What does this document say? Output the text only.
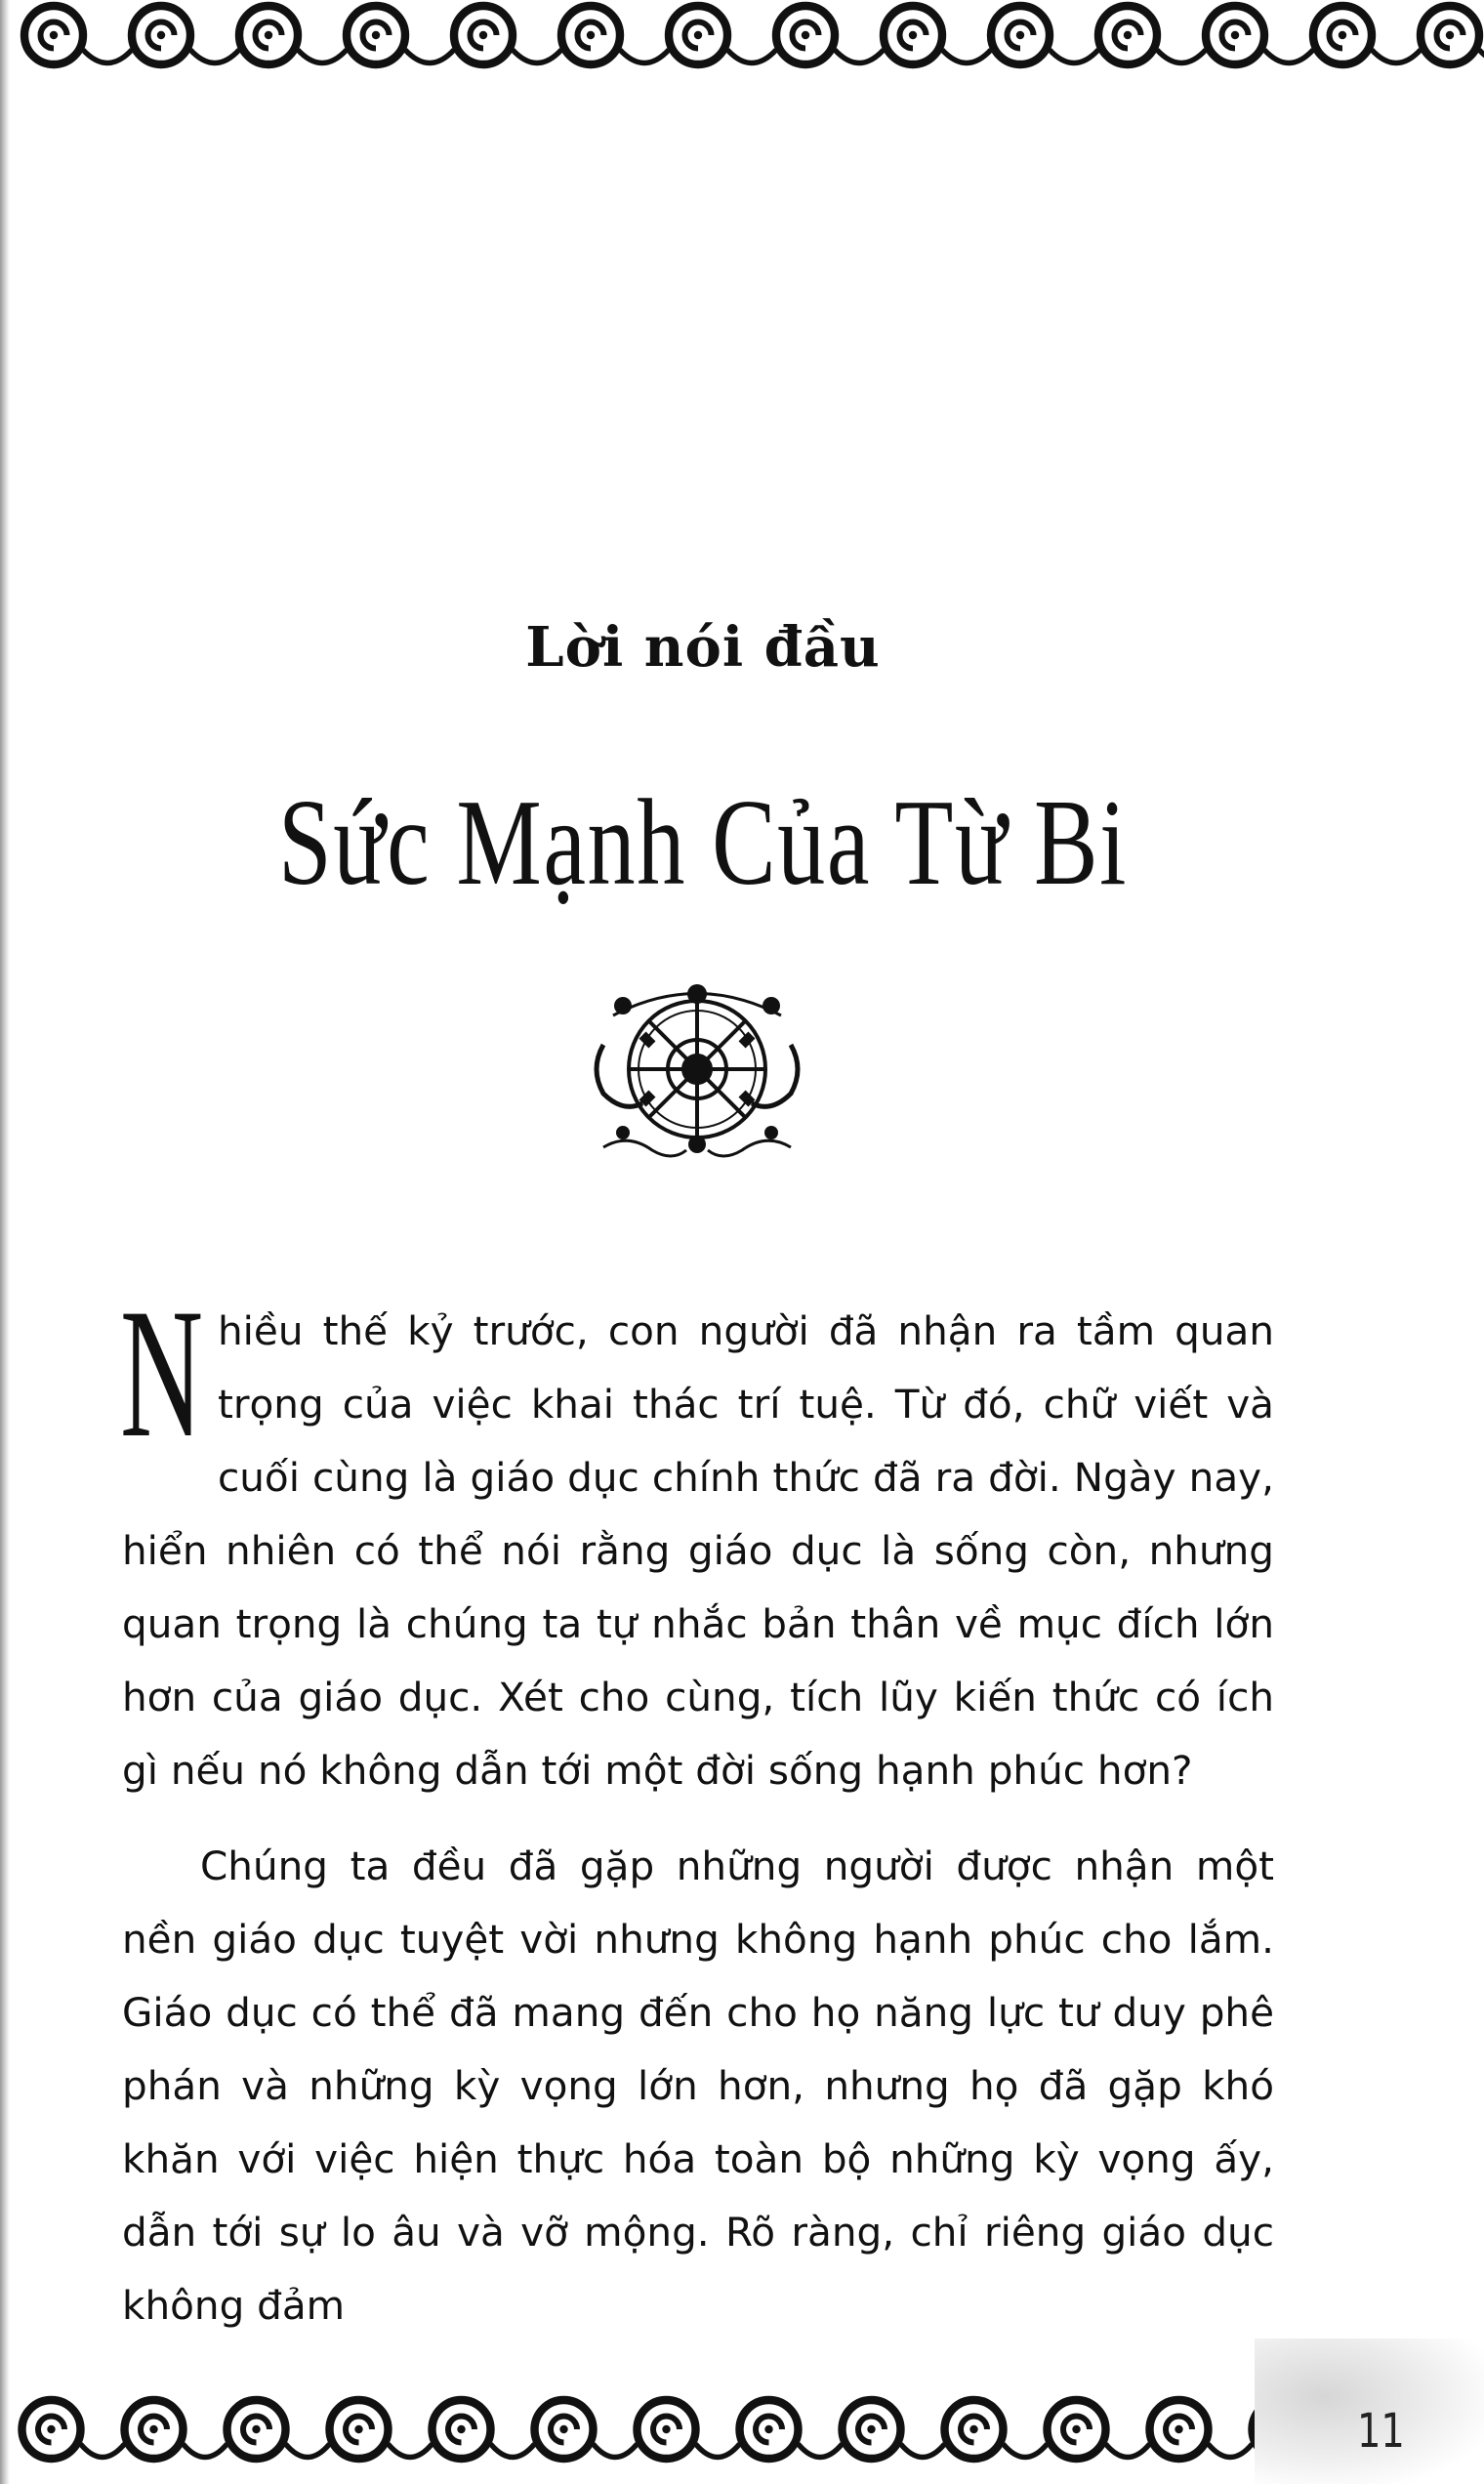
Lời nói đầu
Sức Mạnh Của Từ Bi
Nhiều thế kỷ trước, con người đã nhận ra tầm quan trọng của việc khai thác trí tuệ. Từ đó, chữ viết và cuối cùng là giáo dục chính thức đã ra đời. Ngày nay, hiển nhiên có thể nói rằng giáo dục là sống còn, nhưng quan trọng là chúng ta tự nhắc bản thân về mục đích lớn hơn của giáo dục. Xét cho cùng, tích lũy kiến thức có ích gì nếu nó không dẫn tới một đời sống hạnh phúc hơn?
Chúng ta đều đã gặp những người được nhận một nền giáo dục tuyệt vời nhưng không hạnh phúc cho lắm. Giáo dục có thể đã mang đến cho họ năng lực tư duy phê phán và những kỳ vọng lớn hơn, nhưng họ đã gặp khó khăn với việc hiện thực hóa toàn bộ những kỳ vọng ấy, dẫn tới sự lo âu và vỡ mộng. Rõ ràng, chỉ riêng giáo dục không đảm
11
